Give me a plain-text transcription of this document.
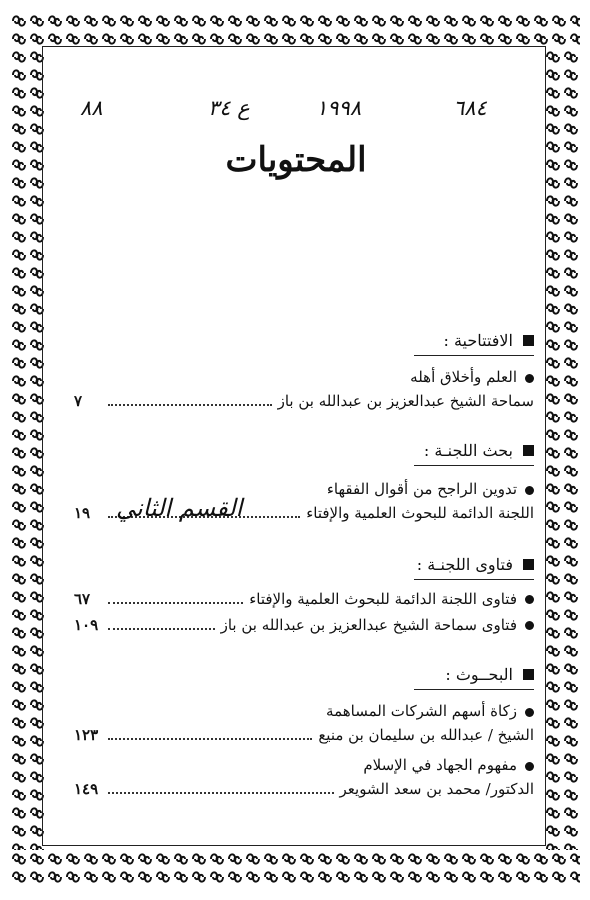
٨٨	ع ٣٤	١٩٩٨	٦٨٤
المحتويات
الافتتاحية :
العلم وأخلاق أهله
سماحة الشيخ عبدالعزيز بن عبدالله بن باز
٧
بحث اللجنـة :
تدوين الراجح من أقوال الفقهاء
اللجنة الدائمة للبحوث العلمية والإفتاء
١٩	القسم الثاني
فتاوى اللجنـة :
فتاوى اللجنة الدائمة للبحوث العلمية والإفتاء
٦٧
فتاوى سماحة الشيخ عبدالعزيز بن عبدالله بن باز
١٠٩
البحــوث :
زكاة أسهم الشركات المساهمة
الشيخ / عبدالله بن سليمان بن منيع
١٢٣
مفهوم الجهاد في الإسلام
الدكتور/ محمد بن سعد الشويعر
١٤٩
